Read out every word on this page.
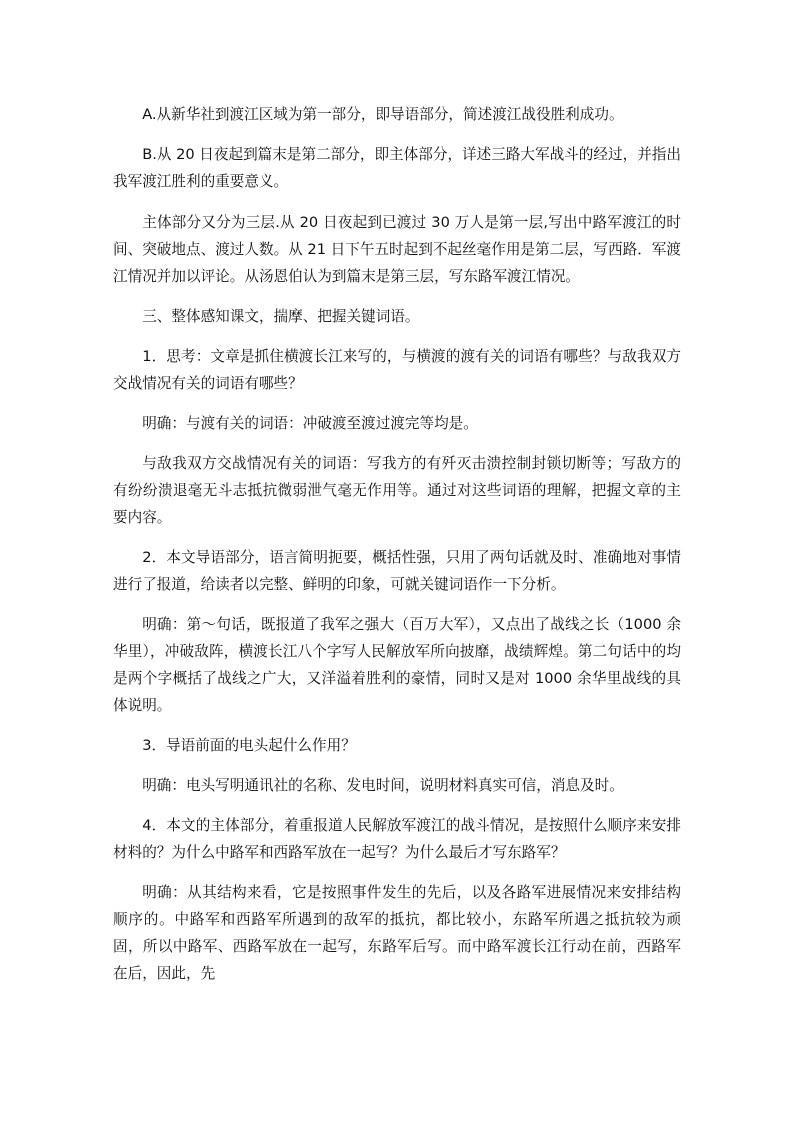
A.从新华社到渡江区域为第一部分，即导语部分，简述渡江战役胜利成功。

B.从 20 日夜起到篇末是第二部分，即主体部分，详述三路大军战斗的经过，并指出我军渡江胜利的重要意义。

主体部分又分为三层.从 20 日夜起到已渡过 30 万人是第一层,写出中路军渡江的时间、突破地点、渡过人数。从 21 日下午五时起到不起丝毫作用是第二层，写西路．军渡江情况并加以评论。从汤恩伯认为到篇末是第三层，写东路军渡江情况。

三、整体感知课文，揣摩、把握关键词语。

1．思考：文章是抓住横渡长江来写的，与横渡的渡有关的词语有哪些？与敌我双方交战情况有关的词语有哪些？

明确：与渡有关的词语：冲破渡至渡过渡完等均是。

与敌我双方交战情况有关的词语：写我方的有歼灭击溃控制封锁切断等；写敌方的有纷纷溃退毫无斗志抵抗微弱泄气毫无作用等。通过对这些词语的理解，把握文章的主要内容。

2．本文导语部分，语言简明扼要，概括性强，只用了两句话就及时、准确地对事情进行了报道，给读者以完整、鲜明的印象，可就关键词语作一下分析。

明确：第～句话，既报道了我军之强大（百万大军），又点出了战线之长（1000 余华里），冲破敌阵，横渡长江八个字写人民解放军所向披靡，战绩辉煌。第二句话中的均是两个字概括了战线之广大，又洋溢着胜利的豪情，同时又是对 1000 余华里战线的具体说明。

3．导语前面的电头起什么作用？

明确：电头写明通讯社的名称、发电时间，说明材料真实可信，消息及时。

4．本文的主体部分，着重报道人民解放军渡江的战斗情况，是按照什么顺序来安排材料的？为什么中路军和西路军放在一起写？为什么最后才写东路军？

明确：从其结构来看，它是按照事件发生的先后，以及各路军进展情况来安排结构顺序的。中路军和西路军所遇到的敌军的抵抗，都比较小，东路军所遇之抵抗较为顽固，所以中路军、西路军放在一起写，东路军后写。而中路军渡长江行动在前，西路军在后，因此，先
